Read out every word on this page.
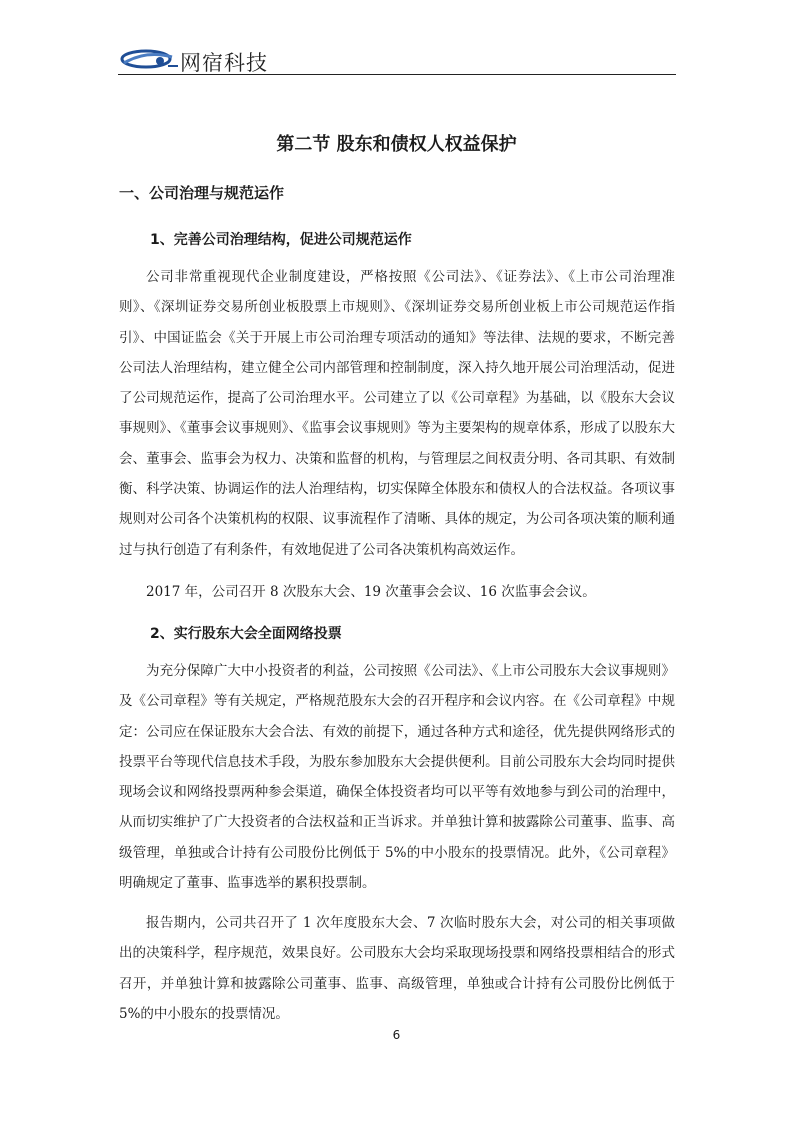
网宿科技
第二节 股东和债权人权益保护
一、公司治理与规范运作
1、完善公司治理结构，促进公司规范运作

公司非常重视现代企业制度建设，严格按照《公司法》、《证券法》、《上市公司治理准则》、《深圳证券交易所创业板股票上市规则》、《深圳证券交易所创业板上市公司规范运作指引》、中国证监会《关于开展上市公司治理专项活动的通知》等法律、法规的要求，不断完善公司法人治理结构，建立健全公司内部管理和控制制度，深入持久地开展公司治理活动，促进了公司规范运作，提高了公司治理水平。公司建立了以《公司章程》为基础，以《股东大会议事规则》、《董事会议事规则》、《监事会议事规则》等为主要架构的规章体系，形成了以股东大会、董事会、监事会为权力、决策和监督的机构，与管理层之间权责分明、各司其职、有效制衡、科学决策、协调运作的法人治理结构，切实保障全体股东和债权人的合法权益。各项议事规则对公司各个决策机构的权限、议事流程作了清晰、具体的规定，为公司各项决策的顺利通过与执行创造了有利条件，有效地促进了公司各决策机构高效运作。

2017 年，公司召开 8 次股东大会、19 次董事会会议、16 次监事会会议。

2、实行股东大会全面网络投票

为充分保障广大中小投资者的利益，公司按照《公司法》、《上市公司股东大会议事规则》及《公司章程》等有关规定，严格规范股东大会的召开程序和会议内容。在《公司章程》中规定：公司应在保证股东大会合法、有效的前提下，通过各种方式和途径，优先提供网络形式的投票平台等现代信息技术手段，为股东参加股东大会提供便利。目前公司股东大会均同时提供现场会议和网络投票两种参会渠道，确保全体投资者均可以平等有效地参与到公司的治理中，从而切实维护了广大投资者的合法权益和正当诉求。并单独计算和披露除公司董事、监事、高级管理，单独或合计持有公司股份比例低于 5%的中小股东的投票情况。此外，《公司章程》明确规定了董事、监事选举的累积投票制。

报告期内，公司共召开了 1 次年度股东大会、7 次临时股东大会，对公司的相关事项做出的决策科学，程序规范，效果良好。公司股东大会均采取现场投票和网络投票相结合的形式召开，并单独计算和披露除公司董事、监事、高级管理，单独或合计持有公司股份比例低于 5%的中小股东的投票情况。

6
